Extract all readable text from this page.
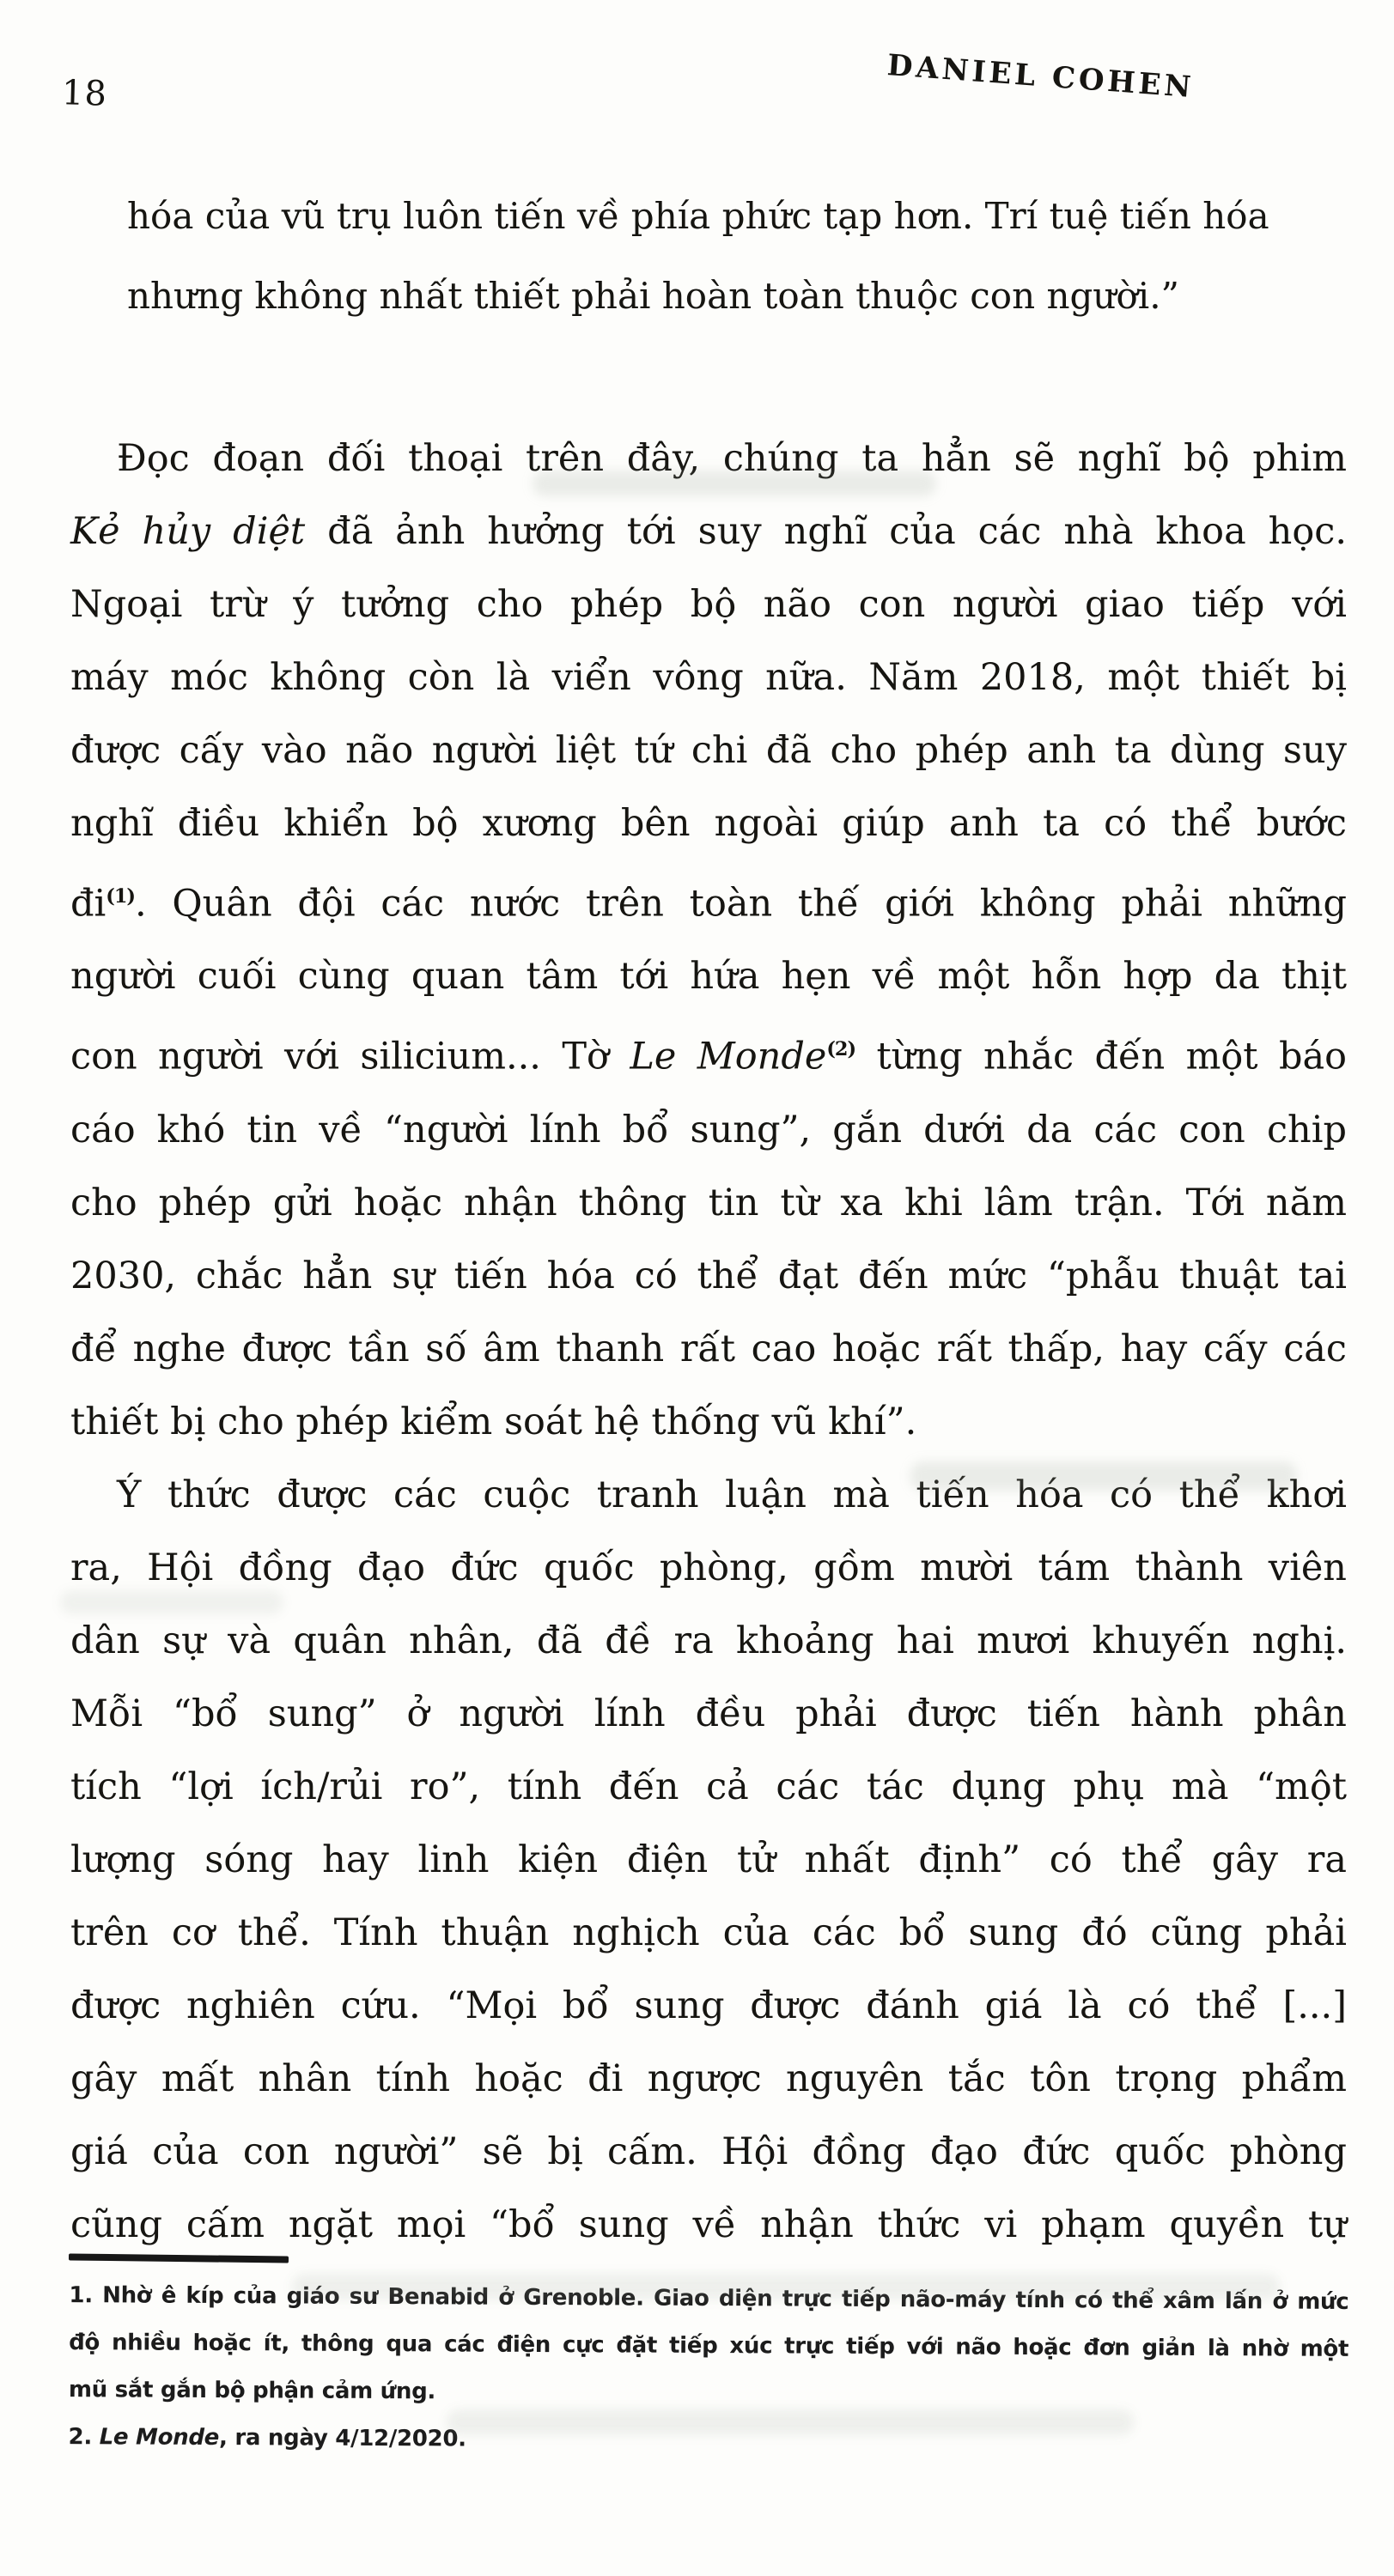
18	DANIEL COHEN
hóa của vũ trụ luôn tiến về phía phức tạp hơn. Trí tuệ tiến hóa
nhưng không nhất thiết phải hoàn toàn thuộc con người.”
Đọc đoạn đối thoại trên đây, chúng ta hẳn sẽ nghĩ bộ phim
Kẻ hủy diệt đã ảnh hưởng tới suy nghĩ của các nhà khoa học.
Ngoại trừ ý tưởng cho phép bộ não con người giao tiếp với
máy móc không còn là viển vông nữa. Năm 2018, một thiết bị
được cấy vào não người liệt tứ chi đã cho phép anh ta dùng suy
nghĩ điều khiển bộ xương bên ngoài giúp anh ta có thể bước
$đi^{(1)}$. Quân đội các nước trên toàn thế giới không phải những
người cuối cùng quan tâm tới hứa hẹn về một hỗn hợp da thịt
con người với silicium... Tờ Le Monde$^{(2)}$ từng nhắc đến một báo
cáo khó tin về “người lính bổ sung”, gắn dưới da các con chip
cho phép gửi hoặc nhận thông tin từ xa khi lâm trận. Tới năm
2030, chắc hẳn sự tiến hóa có thể đạt đến mức “phẫu thuật tai
để nghe được tần số âm thanh rất cao hoặc rất thấp, hay cấy các
thiết bị cho phép kiểm soát hệ thống vũ khí”.
Ý thức được các cuộc tranh luận mà tiến hóa có thể khơi
ra, Hội đồng đạo đức quốc phòng, gồm mười tám thành viên
dân sự và quân nhân, đã đề ra khoảng hai mươi khuyến nghị.
Mỗi “bổ sung” ở người lính đều phải được tiến hành phân
tích “lợi ích/rủi ro”, tính đến cả các tác dụng phụ mà “một
lượng sóng hay linh kiện điện tử nhất định” có thể gây ra
trên cơ thể. Tính thuận nghịch của các bổ sung đó cũng phải
được nghiên cứu. “Mọi bổ sung được đánh giá là có thể [...]
gây mất nhân tính hoặc đi ngược nguyên tắc tôn trọng phẩm
giá của con người” sẽ bị cấm. Hội đồng đạo đức quốc phòng
cũng cấm ngặt mọi “bổ sung về nhận thức vi phạm quyền tự
1. Nhờ ê kíp của giáo sư Benabid ở Grenoble. Giao diện trực tiếp não-máy tính có thể xâm lấn ở mức
độ nhiều hoặc ít, thông qua các điện cực đặt tiếp xúc trực tiếp với não hoặc đơn giản là nhờ một
mũ sắt gắn bộ phận cảm ứng.
2. Le Monde, ra ngày 4/12/2020.
